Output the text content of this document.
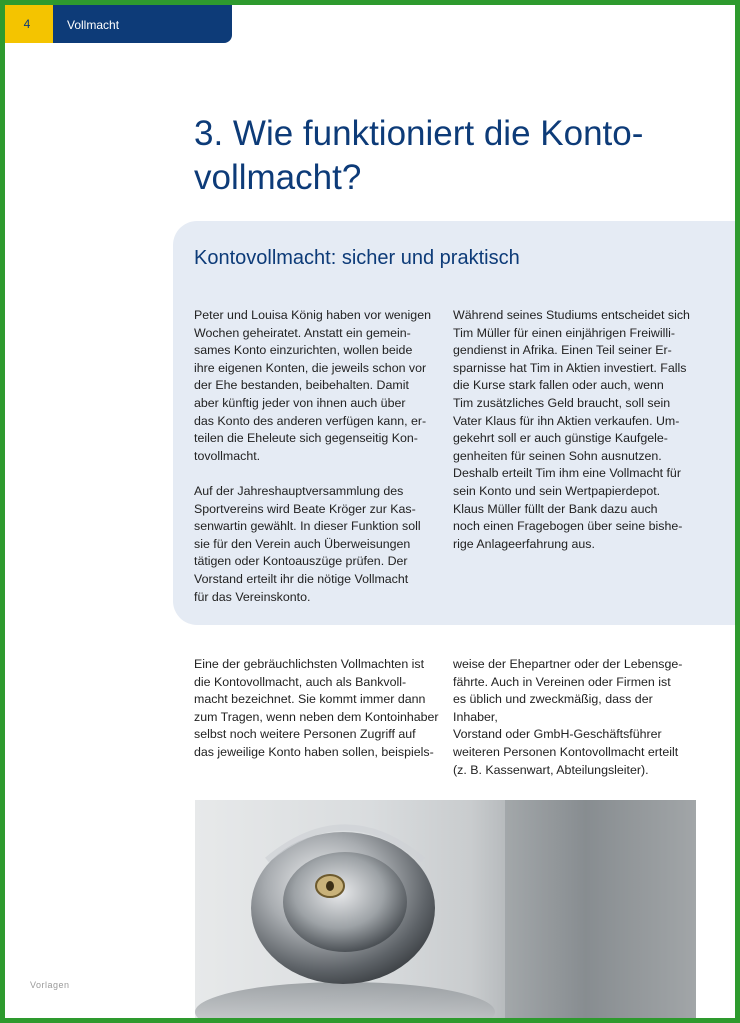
4	Vollmacht
3. Wie funktioniert die Konto-
vollmacht?
Kontovollmacht: sicher und praktisch

Peter und Louisa König haben vor wenigen
Wochen geheiratet. Anstatt ein gemein-
sames Konto einzurichten, wollen beide
ihre eigenen Konten, die jeweils schon vor
der Ehe bestanden, beibehalten. Damit
aber künftig jeder von ihnen auch über
das Konto des anderen verfügen kann, er-
teilen die Eheleute sich gegenseitig Kon-
tovollmacht.

Auf der Jahreshauptversammlung des
Sportvereins wird Beate Kröger zur Kas-
senwartin gewählt. In dieser Funktion soll
sie für den Verein auch Überweisungen
tätigen oder Kontoauszüge prüfen. Der
Vorstand erteilt ihr die nötige Vollmacht
für das Vereinskonto.

Während seines Studiums entscheidet sich
Tim Müller für einen einjährigen Freiwilli-
gendienst in Afrika. Einen Teil seiner Er-
sparnisse hat Tim in Aktien investiert. Falls
die Kurse stark fallen oder auch, wenn
Tim zusätzliches Geld braucht, soll sein
Vater Klaus für ihn Aktien verkaufen. Um-
gekehrt soll er auch günstige Kaufgele-
genheiten für seinen Sohn ausnutzen.
Deshalb erteilt Tim ihm eine Vollmacht für
sein Konto und sein Wertpapierdepot.
Klaus Müller füllt der Bank dazu auch
noch einen Fragebogen über seine bishe-
rige Anlageerfahrung aus.

Eine der gebräuchlichsten Vollmachten ist
die Kontovollmacht, auch als Bankvoll-
macht bezeichnet. Sie kommt immer dann
zum Tragen, wenn neben dem Kontoinhaber
selbst noch weitere Personen Zugriff auf
das jeweilige Konto haben sollen, beispiels-

weise der Ehepartner oder der Lebensge-
fährte. Auch in Vereinen oder Firmen ist
es üblich und zweckmäßig, dass der Inhaber,
Vorstand oder GmbH-Geschäftsführer
weiteren Personen Kontovollmacht erteilt
(z. B. Kassenwart, Abteilungsleiter).

Vorlagen
